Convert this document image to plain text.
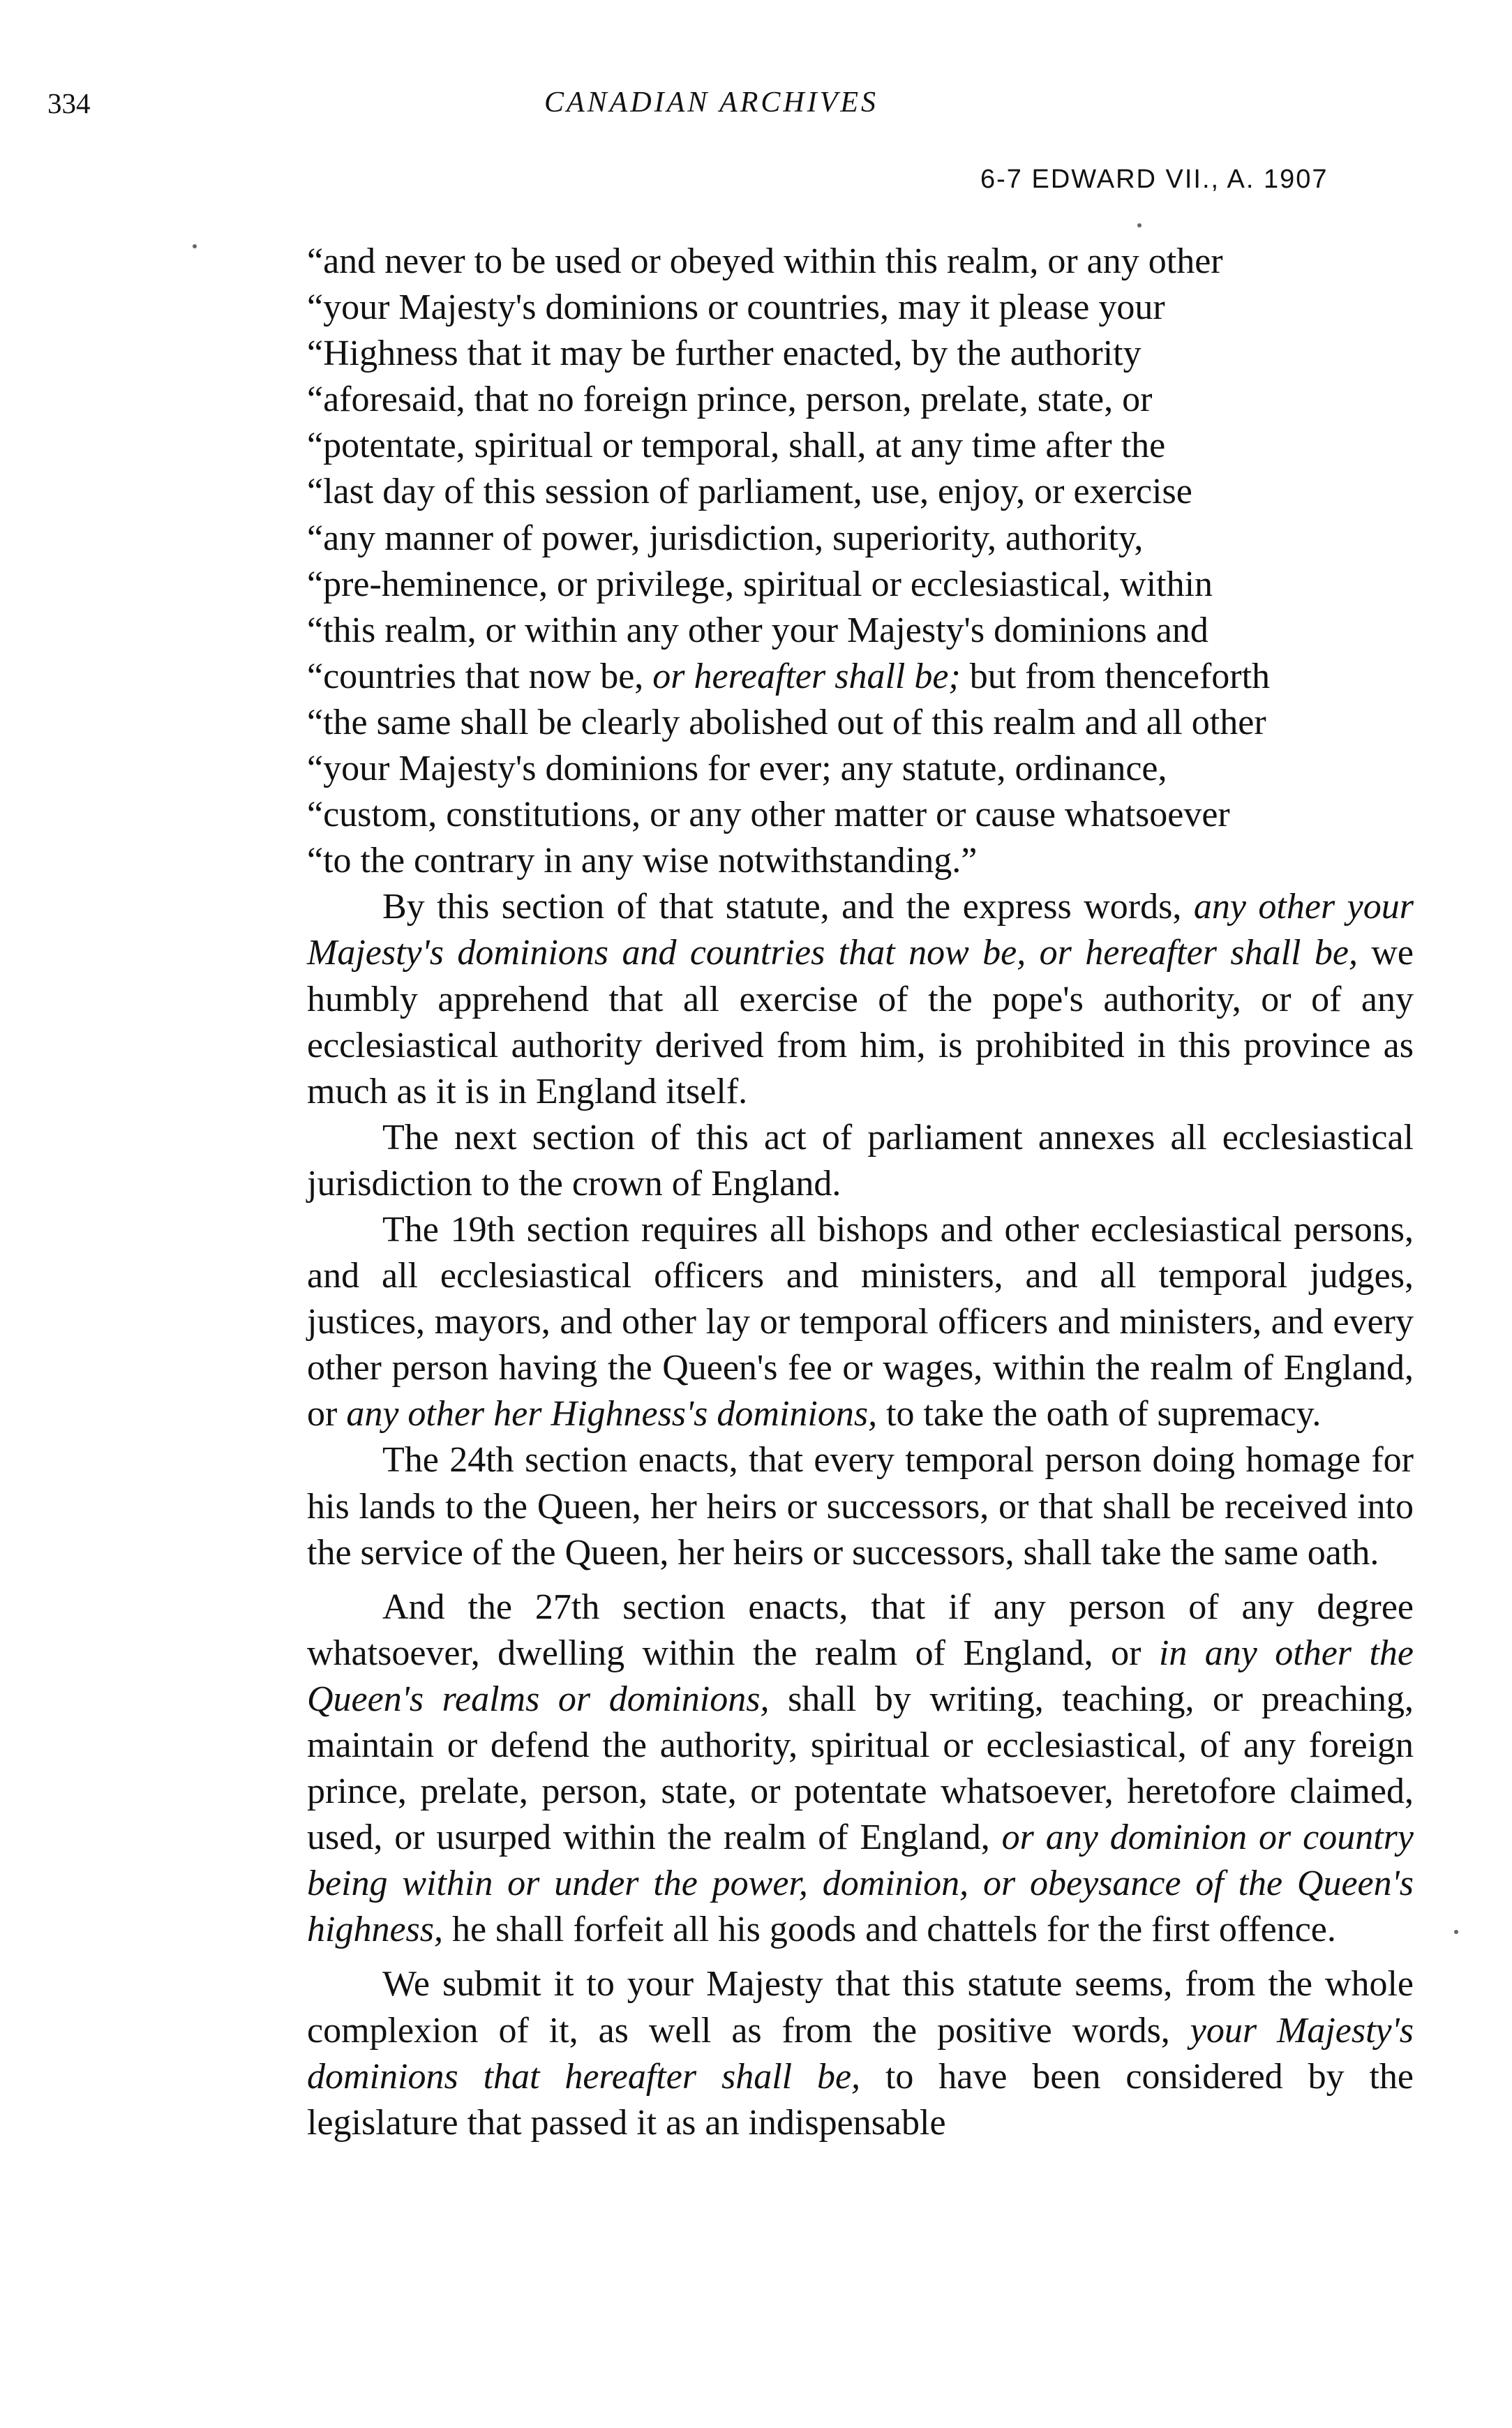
334	CANADIAN ARCHIVES
6-7 EDWARD VII., A. 1907
“and never to be used or obeyed within this realm, or any other
“your Majesty's dominions or countries, may it please your
“Highness that it may be further enacted, by the authority
“aforesaid, that no foreign prince, person, prelate, state, or
“potentate, spiritual or temporal, shall, at any time after the
“last day of this session of parliament, use, enjoy, or exercise
“any manner of power, jurisdiction, superiority, authority,
“pre-heminence, or privilege, spiritual or ecclesiastical, within
“this realm, or within any other your Majesty's dominions and
“countries that now be, or hereafter shall be; but from thenceforth
“the same shall be clearly abolished out of this realm and all other
“your Majesty's dominions for ever; any statute, ordinance,
“custom, constitutions, or any other matter or cause whatsoever
“to the contrary in any wise notwithstanding.”

By this section of that statute, and the express words, any other your Majesty's dominions and countries that now be, or hereafter shall be, we humbly apprehend that all exercise of the pope's authority, or of any ecclesiastical authority derived from him, is prohibited in this province as much as it is in England itself.

The next section of this act of parliament annexes all ecclesiastical jurisdiction to the crown of England.

The 19th section requires all bishops and other ecclesiastical persons, and all ecclesiastical officers and ministers, and all temporal judges, justices, mayors, and other lay or temporal officers and ministers, and every other person having the Queen's fee or wages, within the realm of England, or any other her Highness's dominions, to take the oath of supremacy.

The 24th section enacts, that every temporal person doing homage for his lands to the Queen, her heirs or successors, or that shall be received into the service of the Queen, her heirs or successors, shall take the same oath.

And the 27th section enacts, that if any person of any degree whatsoever, dwelling within the realm of England, or in any other the Queen's realms or dominions, shall by writing, teaching, or preaching, maintain or defend the authority, spiritual or ecclesiastical, of any foreign prince, prelate, person, state, or potentate whatsoever, heretofore claimed, used, or usurped within the realm of England, or any dominion or country being within or under the power, dominion, or obeysance of the Queen's highness, he shall forfeit all his goods and chattels for the first offence.

We submit it to your Majesty that this statute seems, from the whole complexion of it, as well as from the positive words, your Majesty's dominions that hereafter shall be, to have been considered by the legislature that passed it as an indispensable
